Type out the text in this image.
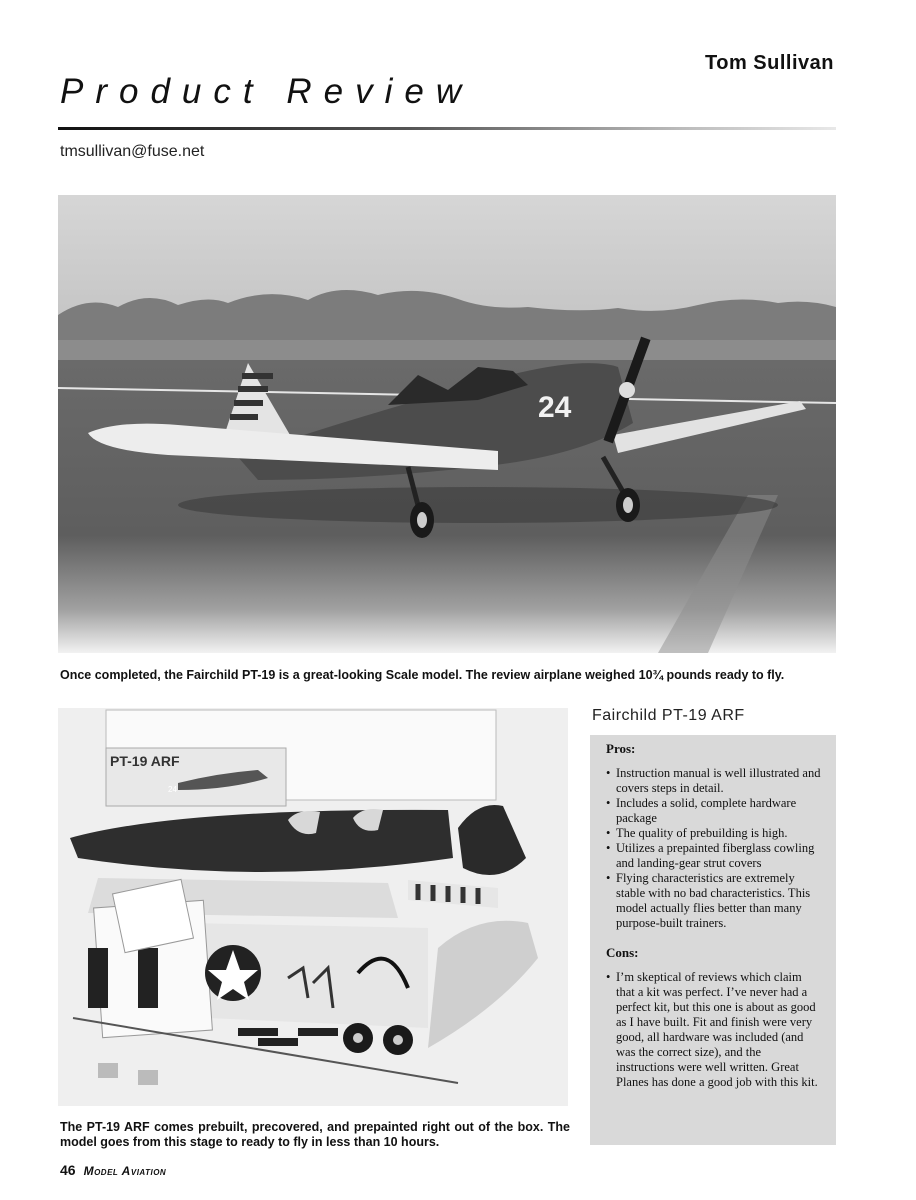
Tom Sullivan
Product Review
tmsullivan@fuse.net
24
Once completed, the Fairchild PT-19 is a great-looking Scale model. The review airplane weighed 10¾ pounds ready to fly.
PT-19 ARF
24
The PT-19 ARF comes prebuilt, precovered, and prepainted right out of the box. The model goes from this stage to ready to fly in less than 10 hours.
Fairchild PT-19 ARF
Pros:
• Instruction manual is well illustrated and covers steps in detail.
• Includes a solid, complete hardware package
• The quality of prebuilding is high.
• Utilizes a prepainted fiberglass cowling and landing-gear strut covers
• Flying characteristics are extremely stable with no bad characteristics. This model actually flies better than many purpose-built trainers.
Cons:
• I’m skeptical of reviews which claim that a kit was perfect. I’ve never had a perfect kit, but this one is about as good as I have built. Fit and finish were very good, all hardware was included (and was the correct size), and the instructions were well written. Great Planes has done a good job with this kit.
46 Model Aviation
